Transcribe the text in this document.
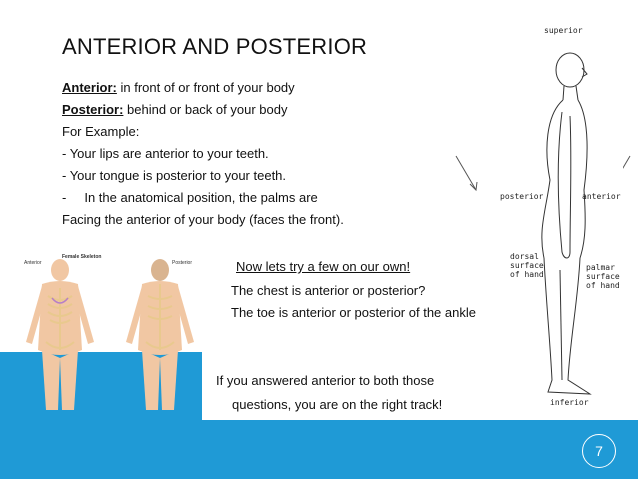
7
ANTERIOR AND POSTERIOR
Anterior: in front of or front of your body
Posterior: behind or back of your body
For Example:
- Your lips are anterior to your teeth.
- Your tongue is posterior to your teeth.
- In the anatomical position, the palms are
Facing the anterior of your body (faces the front).
Now lets try a few on our own!
The chest is anterior or posterior?
The toe is anterior or posterior of the ankle
If you answered anterior to both those
questions, you are on the right track!
superior
posterior	anterior
dorsal
surface
of hand
palmar
surface
of hand
inferior
Anterior
Female Skeleton
Posterior
